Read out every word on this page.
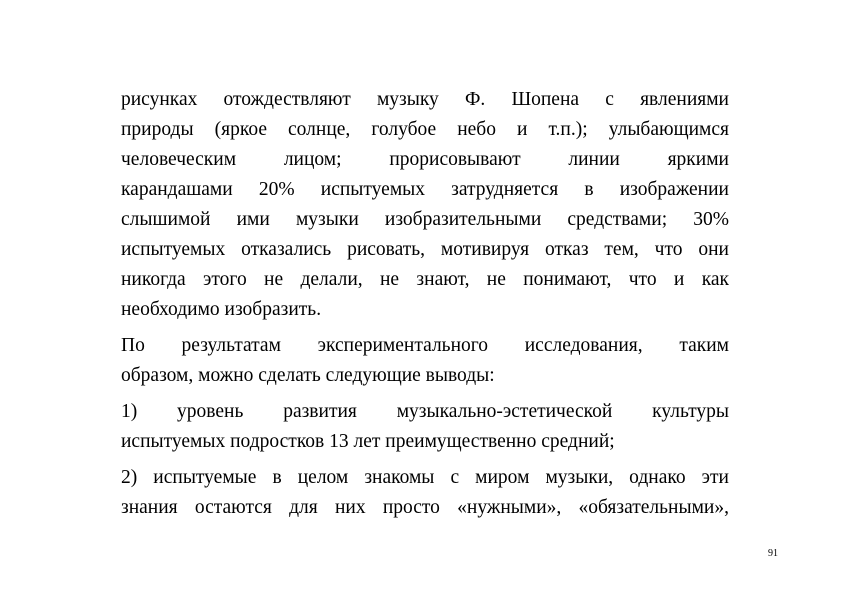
рисунках отождествляют музыку Ф. Шопена с явлениями
природы (яркое солнце, голубое небо и т.п.); улыбающимся
человеческим лицом; прорисовывают линии яркими
карандашами 20% испытуемых затрудняется в изображении
слышимой ими музыки изобразительными средствами; 30%
испытуемых отказались рисовать, мотивируя отказ тем, что они
никогда этого не делали, не знают, не понимают, что и как
необходимо изобразить.
По результатам экспериментального исследования, таким
образом, можно сделать следующие выводы:
1) уровень развития музыкально-эстетической культуры
испытуемых подростков 13 лет преимущественно средний;
2) испытуемые в целом знакомы с миром музыки, однако эти
знания остаются для них просто «нужными», «обязательными»,
91
